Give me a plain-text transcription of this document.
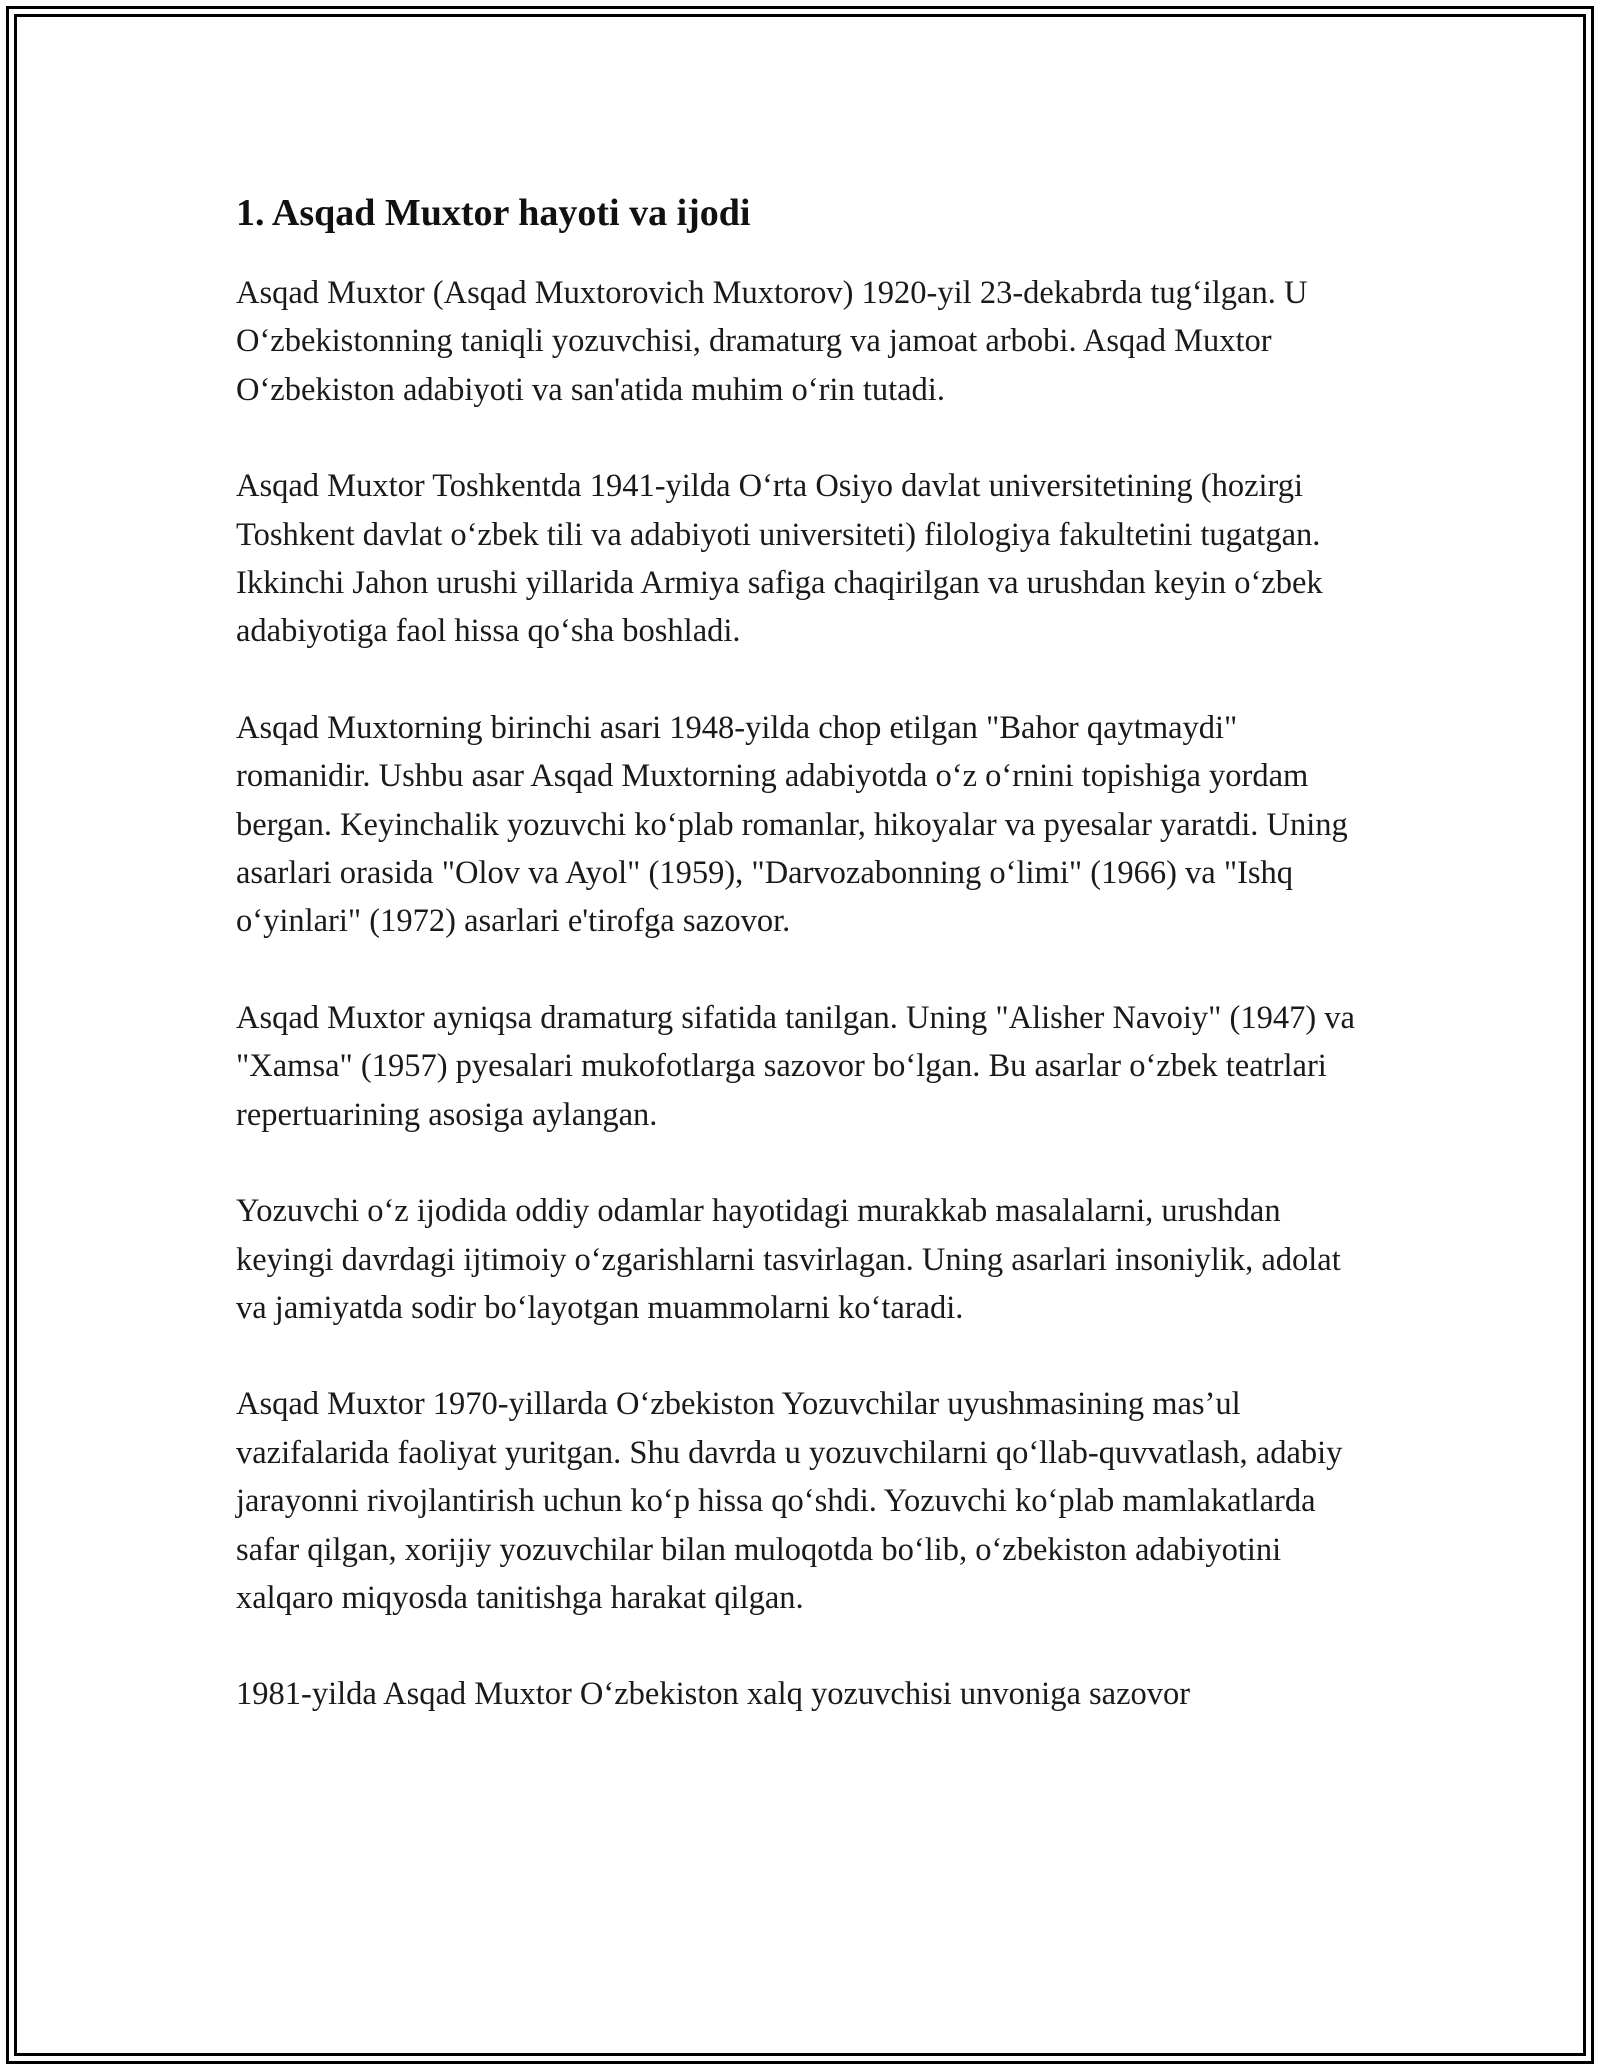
1. Asqad Muxtor hayoti va ijodi

Asqad Muxtor (Asqad Muxtorovich Muxtorov) 1920-yil 23-dekabrda tug‘ilgan. U O‘zbekistonning taniqli yozuvchisi, dramaturg va jamoat arbobi. Asqad Muxtor O‘zbekiston adabiyoti va san'atida muhim o‘rin tutadi.

Asqad Muxtor Toshkentda 1941-yilda O‘rta Osiyo davlat universitetining (hozirgi Toshkent davlat o‘zbek tili va adabiyoti universiteti) filologiya fakultetini tugatgan. Ikkinchi Jahon urushi yillarida Armiya safiga chaqirilgan va urushdan keyin o‘zbek adabiyotiga faol hissa qo‘sha boshladi.

Asqad Muxtorning birinchi asari 1948-yilda chop etilgan "Bahor qaytmaydi" romanidir. Ushbu asar Asqad Muxtorning adabiyotda o‘z o‘rnini topishiga yordam bergan. Keyinchalik yozuvchi ko‘plab romanlar, hikoyalar va pyesalar yaratdi. Uning asarlari orasida "Olov va Ayol" (1959), "Darvozabonning o‘limi" (1966) va "Ishq o‘yinlari" (1972) asarlari e'tirofga sazovor.

Asqad Muxtor ayniqsa dramaturg sifatida tanilgan. Uning "Alisher Navoiy" (1947) va "Xamsa" (1957) pyesalari mukofotlarga sazovor bo‘lgan. Bu asarlar o‘zbek teatrlari repertuarining asosiga aylangan.

Yozuvchi o‘z ijodida oddiy odamlar hayotidagi murakkab masalalarni, urushdan keyingi davrdagi ijtimoiy o‘zgarishlarni tasvirlagan. Uning asarlari insoniylik, adolat va jamiyatda sodir bo‘layotgan muammolarni ko‘taradi.

Asqad Muxtor 1970-yillarda O‘zbekiston Yozuvchilar uyushmasining mas’ul vazifalarida faoliyat yuritgan. Shu davrda u yozuvchilarni qo‘llab-quvvatlash, adabiy jarayonni rivojlantirish uchun ko‘p hissa qo‘shdi. Yozuvchi ko‘plab mamlakatlarda safar qilgan, xorijiy yozuvchilar bilan muloqotda bo‘lib, o‘zbekiston adabiyotini xalqaro miqyosda tanitishga harakat qilgan.

1981-yilda Asqad Muxtor O‘zbekiston xalq yozuvchisi unvoniga sazovor
